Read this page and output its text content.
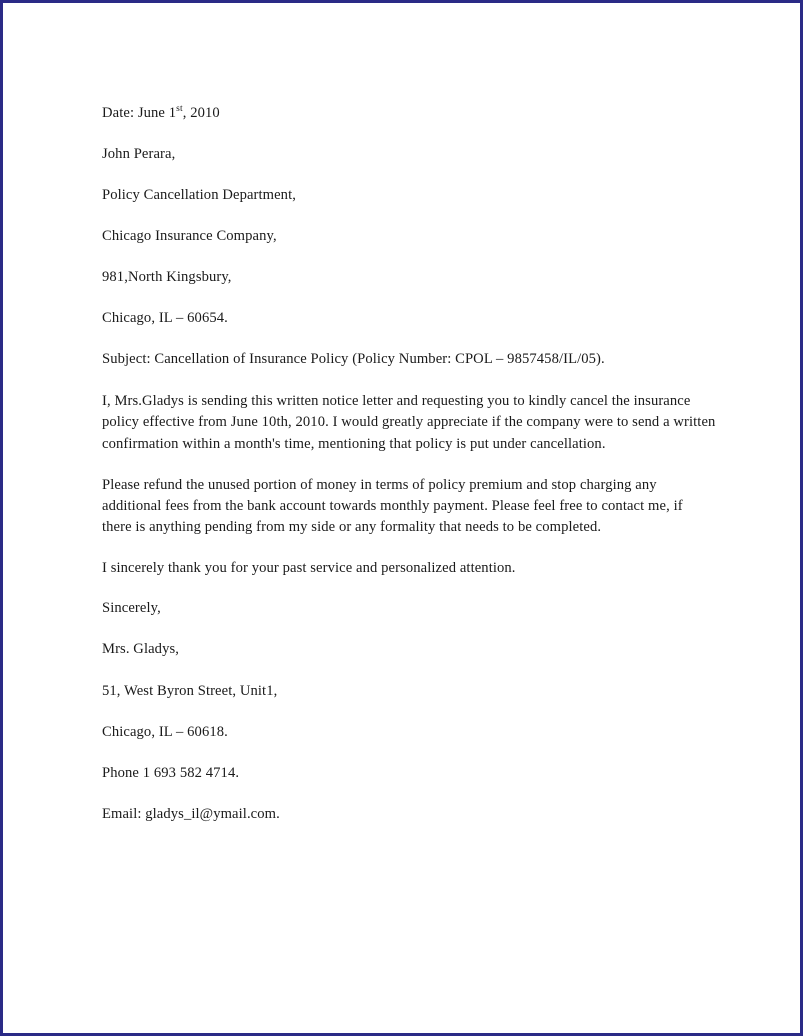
Date: June 1st, 2010

John Perara,

Policy Cancellation Department,

Chicago Insurance Company,

981,North Kingsbury,

Chicago, IL – 60654.

Subject: Cancellation of Insurance Policy (Policy Number: CPOL – 9857458/IL/05).

I, Mrs.Gladys is sending this written notice letter and requesting you to kindly cancel the insurance policy effective from June 10th, 2010. I would greatly appreciate if the company were to send a written confirmation within a month's time, mentioning that policy is put under cancellation.

Please refund the unused portion of money in terms of policy premium and stop charging any additional fees from the bank account towards monthly payment. Please feel free to contact me, if there is anything pending from my side or any formality that needs to be completed.

I sincerely thank you for your past service and personalized attention.

Sincerely,

Mrs. Gladys,

51, West Byron Street, Unit1,

Chicago, IL – 60618.

Phone 1 693 582 4714.

Email: gladys_il@ymail.com.
